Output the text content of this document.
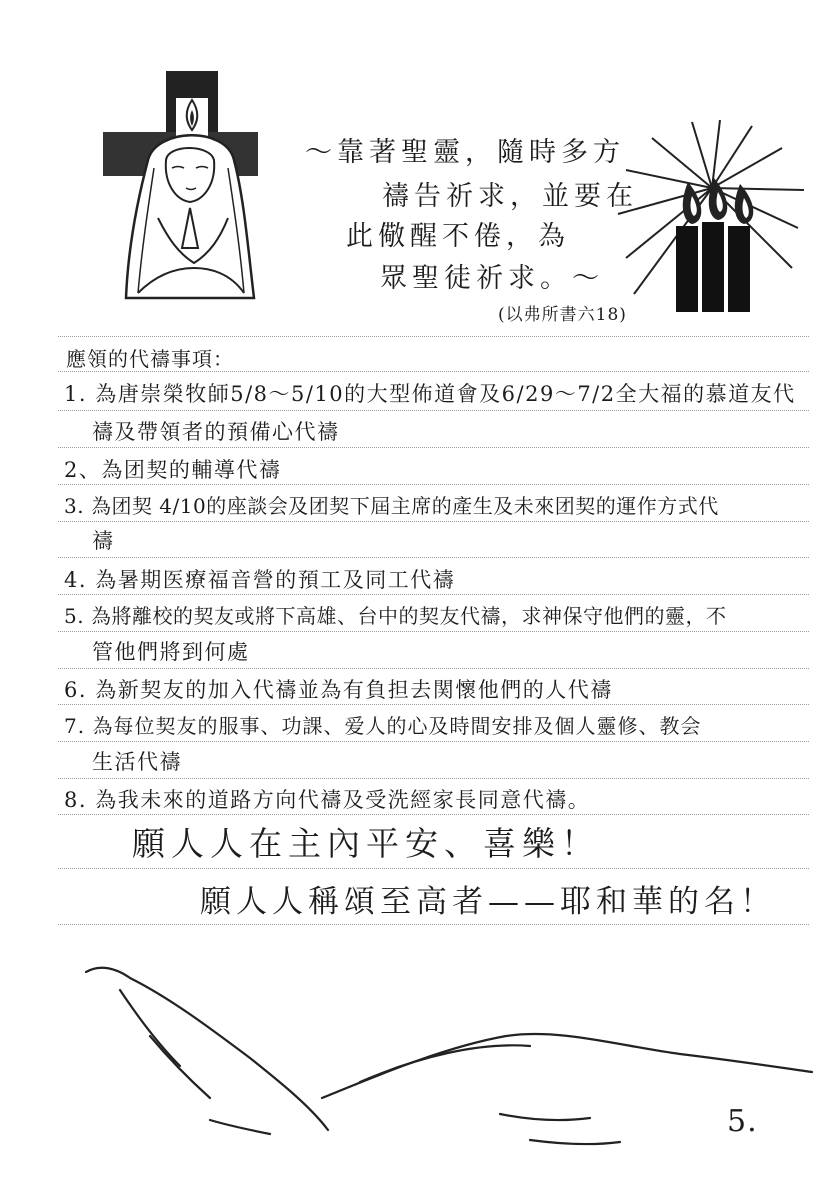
～靠著聖靈，隨時多方
禱告祈求，並要在
此儆醒不倦，為
眾聖徒祈求。～
(以弗所書六18)
應領的代禱事項：
1. 為唐崇榮牧師5/8～5/10的大型佈道會及6/29～7/2全大福的慕道友代
禱及帶領者的預備心代禱
2、為团契的輔導代禱
3. 為团契 4/10的座談会及团契下屆主席的產生及未來团契的運作方式代
禱
4. 為暑期医療福音營的預工及同工代禱
5. 為將離校的契友或將下高雄、台中的契友代禱，求神保守他們的靈，不
管他們將到何處
6. 為新契友的加入代禱並為有負担去関懷他們的人代禱
7. 為每位契友的服事、功課、爱人的心及時間安排及個人靈修、教会
生活代禱
8. 為我未來的道路方向代禱及受洗經家長同意代禱。
願人人在主內平安、喜樂！
願人人稱頌至高者——耶和華的名！
5.
